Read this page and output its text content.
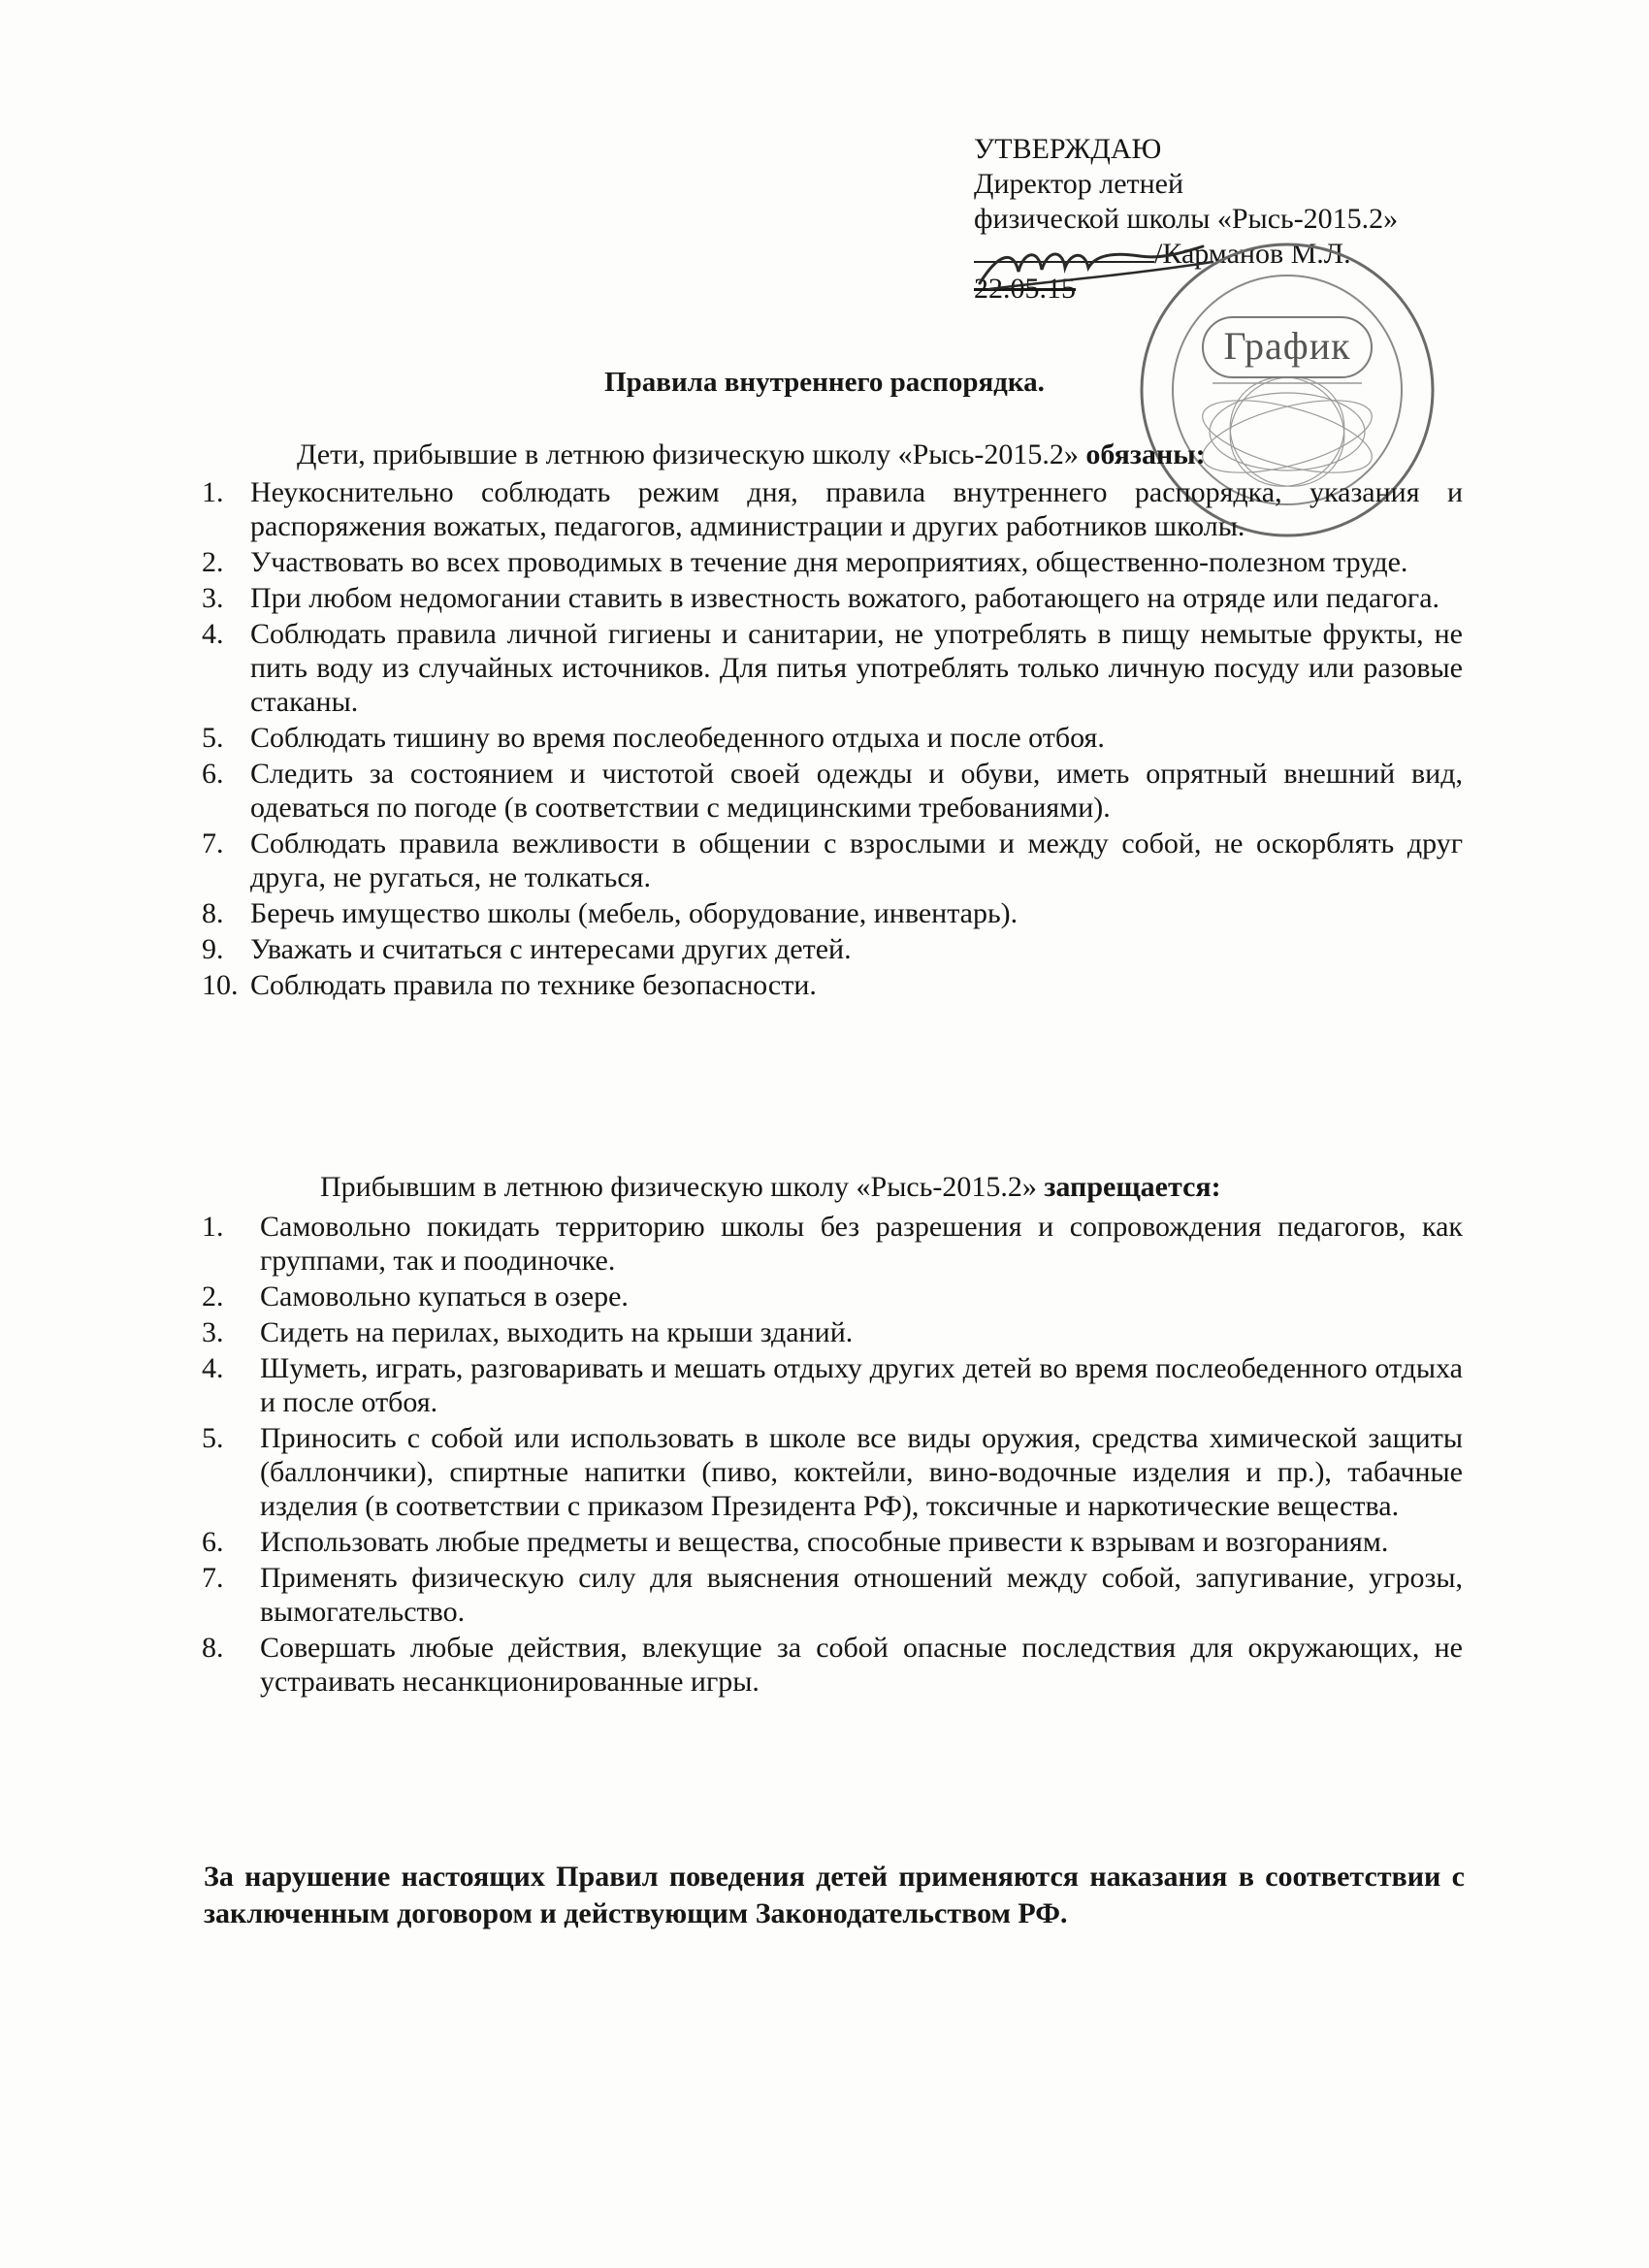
УТВЕРЖДАЮ
Директор летней
физической школы «Рысь-2015.2»
/Карманов М.Л.
22.05.15
График
Правила внутреннего распорядка.
Дети, прибывшие в летнюю физическую школу «Рысь-2015.2» обязаны:
1. Неукоснительно соблюдать режим дня, правила внутреннего распорядка, указания и распоряжения вожатых, педагогов, администрации и других работников школы.
2. Участвовать во всех проводимых в течение дня мероприятиях, общественно-полезном труде.
3. При любом недомогании ставить в известность вожатого, работающего на отряде или педагога.
4. Соблюдать правила личной гигиены и санитарии, не употреблять в пищу немытые фрукты, не пить воду из случайных источников. Для питья употреблять только личную посуду или разовые стаканы.
5. Соблюдать тишину во время послеобеденного отдыха и после отбоя.
6. Следить за состоянием и чистотой своей одежды и обуви, иметь опрятный внешний вид, одеваться по погоде (в соответствии с медицинскими требованиями).
7. Соблюдать правила вежливости в общении с взрослыми и между собой, не оскорблять друг друга, не ругаться, не толкаться.
8. Беречь имущество школы (мебель, оборудование, инвентарь).
9. Уважать и считаться с интересами других детей.
10. Соблюдать правила по технике безопасности.
Прибывшим в летнюю физическую школу «Рысь-2015.2» запрещается:
1. Самовольно покидать территорию школы без разрешения и сопровождения педагогов, как группами, так и поодиночке.
2. Самовольно купаться в озере.
3. Сидеть на перилах, выходить на крыши зданий.
4. Шуметь, играть, разговаривать и мешать отдыху других детей во время послеобеденного отдыха и после отбоя.
5. Приносить с собой или использовать в школе все виды оружия, средства химической защиты (баллончики), спиртные напитки (пиво, коктейли, вино-водочные изделия и пр.), табачные изделия (в соответствии с приказом Президента РФ), токсичные и наркотические вещества.
6. Использовать любые предметы и вещества, способные привести к взрывам и возгораниям.
7. Применять физическую силу для выяснения отношений между собой, запугивание, угрозы, вымогательство.
8. Совершать любые действия, влекущие за собой опасные последствия для окружающих, не устраивать несанкционированные игры.
За нарушение настоящих Правил поведения детей применяются наказания в соответствии с заключенным договором и действующим Законодательством РФ.
